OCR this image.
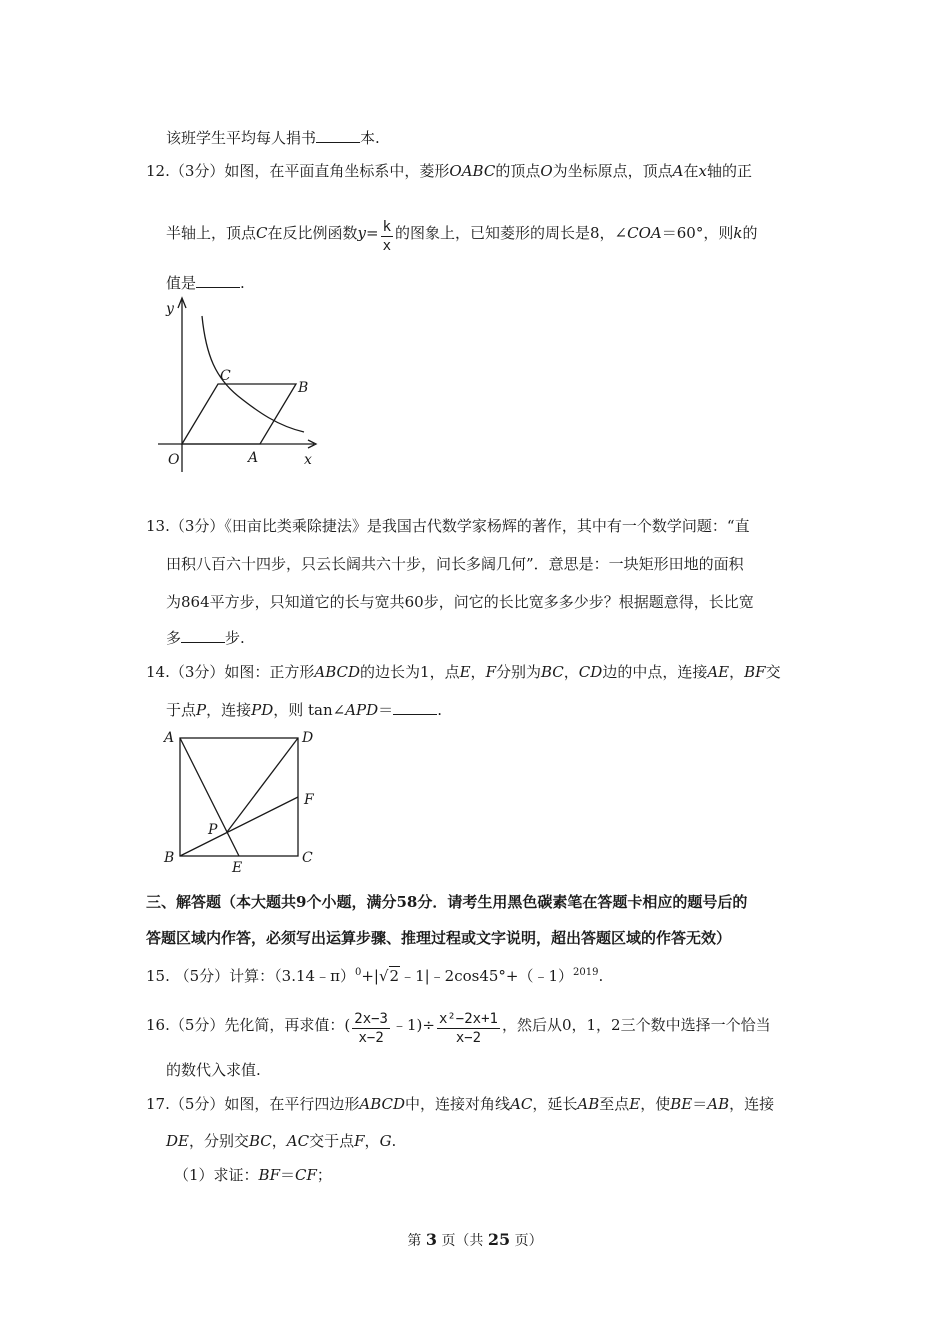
该班学生平均每人捐书	本.
12.（3分）如图，在平面直角坐标系中，菱形OABC的顶点O为坐标原点，顶点A在x轴的正
半轴上，顶点C在反比例函数$y= \frac{k}{x}$ 的图象上，已知菱形的周长是8，∠COA＝60°，则k的
值是	.
y
x
O	A
B
C
13.（3分）《田亩比类乘除捷法》是我国古代数学家杨辉的著作，其中有一个数学问题：“直
田积八百六十四步，只云长阔共六十步，问长多阔几何”．意思是：一块矩形田地的面积
为864平方步，只知道它的长与宽共60步，问它的长比宽多多少步？根据题意得，长比宽
多	步.
14.（3分）如图：正方形ABCD的边长为1，点E，F分别为BC，CD边的中点，连接AE，BF交
于点P，连接PD，则 tan∠APD＝	.
A
B	C
D
E
F
P
三、解答题（本大题共9个小题，满分58分．请考生用黑色碳素笔在答题卡相应的题号后的
答题区域内作答，必须写出运算步骤、推理过程或文字说明，超出答题区域的作答无效）
15. （5分）计算：（3.14﹣π）$^0$+|√2﹣1|﹣2cos45°+（﹣1）$^{2019}$.
16.（5分）先化简，再求值：( $\frac{2x-3}{x-2}$ ﹣1)÷ $\frac{\text{x²−2x+1}}{x-2}$ ，然后从0，1，2三个数中选择一个恰当
的数代入求值.
17.（5分）如图，在平行四边形ABCD中，连接对角线AC，延长AB至点E，使BE＝AB，连接
DE，分别交BC，AC交于点F，G.
（1）求证：BF＝CF；
第 3 页（共 25 页）
